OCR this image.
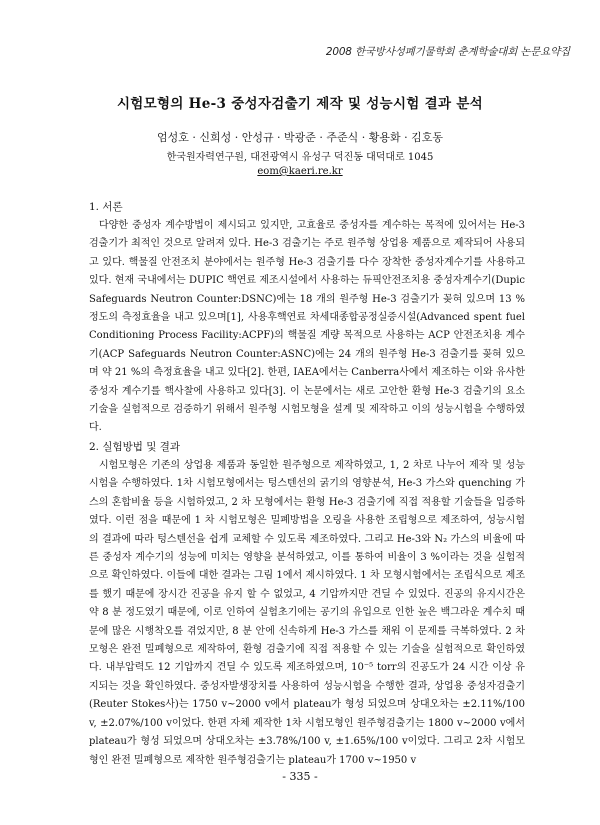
2008 한국방사성폐기물학회 춘계학술대회 논문요약집
시험모형의 He-3 중성자검출기 제작 및 성능시험 결과 분석
엄성호 · 신희성 · 안성규 · 박광준 · 주준식 · 황용화 · 김호동
한국원자력연구원, 대전광역시 유성구 덕진동 대덕대로 1045
eom@kaeri.re.kr
1. 서론

다양한 중성자 계수방법이 제시되고 있지만, 고효율로 중성자를 계수하는 목적에 있어서는 He-3 검출기가 최적인 것으로 알려져 있다. He-3 검출기는 주로 원주형 상업용 제품으로 제작되어 사용되고 있다. 핵물질 안전조치 분야에서는 원주형 He-3 검출기를 다수 장착한 중성자계수기를 사용하고 있다. 현재 국내에서는 DUPIC 핵연료 제조시설에서 사용하는 듀픽안전조치용 중성자계수기(Dupic Safeguards Neutron Counter:DSNC)에는 18 개의 원주형 He-3 검출기가 꽂혀 있으며 13 % 정도의 측정효율을 내고 있으며[1], 사용후핵연료 차세대종합공정실증시설(Advanced spent fuel Conditioning Process Facility:ACPF)의 핵물질 계량 목적으로 사용하는 ACP 안전조치용 계수기(ACP Safeguards Neutron Counter:ASNC)에는 24 개의 원주형 He-3 검출기를 꽂혀 있으며 약 21 %의 측정효율을 내고 있다[2]. 한편, IAEA에서는 Canberra사에서 제조하는 이와 유사한 중성자 계수기를 핵사찰에 사용하고 있다[3]. 이 논문에서는 새로 고안한 환형 He-3 검출기의 요소기술을 실험적으로 검증하기 위해서 원주형 시험모형을 설계 및 제작하고 이의 성능시험을 수행하였다.

2. 실험방법 및 결과

시험모형은 기존의 상업용 제품과 동일한 원주형으로 제작하였고, 1, 2 차로 나누어 제작 및 성능시험을 수행하였다. 1차 시험모형에서는 텅스텐선의 굵기의 영향분석, He-3 가스와 quenching 가스의 혼합비율 등을 시험하였고, 2 차 모형에서는 환형 He-3 검출기에 직접 적용할 기술들을 입증하였다. 이런 점을 때문에 1 차 시험모형은 밀폐방법을 오링을 사용한 조립형으로 제조하여, 성능시험의 결과에 따라 텅스텐선을 쉽게 교체할 수 있도록 제조하였다. 그리고 He-3와 N₂ 가스의 비율에 따른 중성자 계수기의 성능에 미치는 영향을 분석하였고, 이를 통하여 비율이 3 %이라는 것을 실험적으로 확인하였다. 이들에 대한 결과는 그림 1에서 제시하였다. 1 차 모형시험에서는 조립식으로 제조를 했기 때문에 장시간 진공을 유지 할 수 없었고, 4 기압까지만 견딜 수 있었다. 진공의 유지시간은 약 8 분 정도였기 때문에, 이로 인하여 실험초기에는 공기의 유입으로 인한 높은 백그라운 계수치 때문에 많은 시행착오를 겪었지만, 8 분 안에 신속하게 He-3 가스를 채워 이 문제를 극복하였다. 2 차 모형은 완전 밀폐형으로 제작하여, 환형 검출기에 직접 적용할 수 있는 기술을 실험적으로 확인하였다. 내부압력도 12 기압까지 견딜 수 있도록 제조하였으며, 10⁻⁵ torr의 진공도가 24 시간 이상 유지되는 것을 확인하였다. 중성자발생장치를 사용하여 성능시험을 수행한 결과, 상업용 중성자검출기(Reuter Stokes사)는 1750 v~2000 v에서 plateau가 형성 되었으며 상대오차는 ±2.11%/100 v, ±2.07%/100 v이었다. 한편 자체 제작한 1차 시험모형인 원주형검출기는 1800 v~2000 v에서 plateau가 형성 되었으며 상대오차는 ±3.78%/100 v, ±1.65%/100 v이었다. 그리고 2차 시험모형인 완전 밀폐형으로 제작한 원주형검출기는 plateau가 1700 v~1950 v

- 335 -
